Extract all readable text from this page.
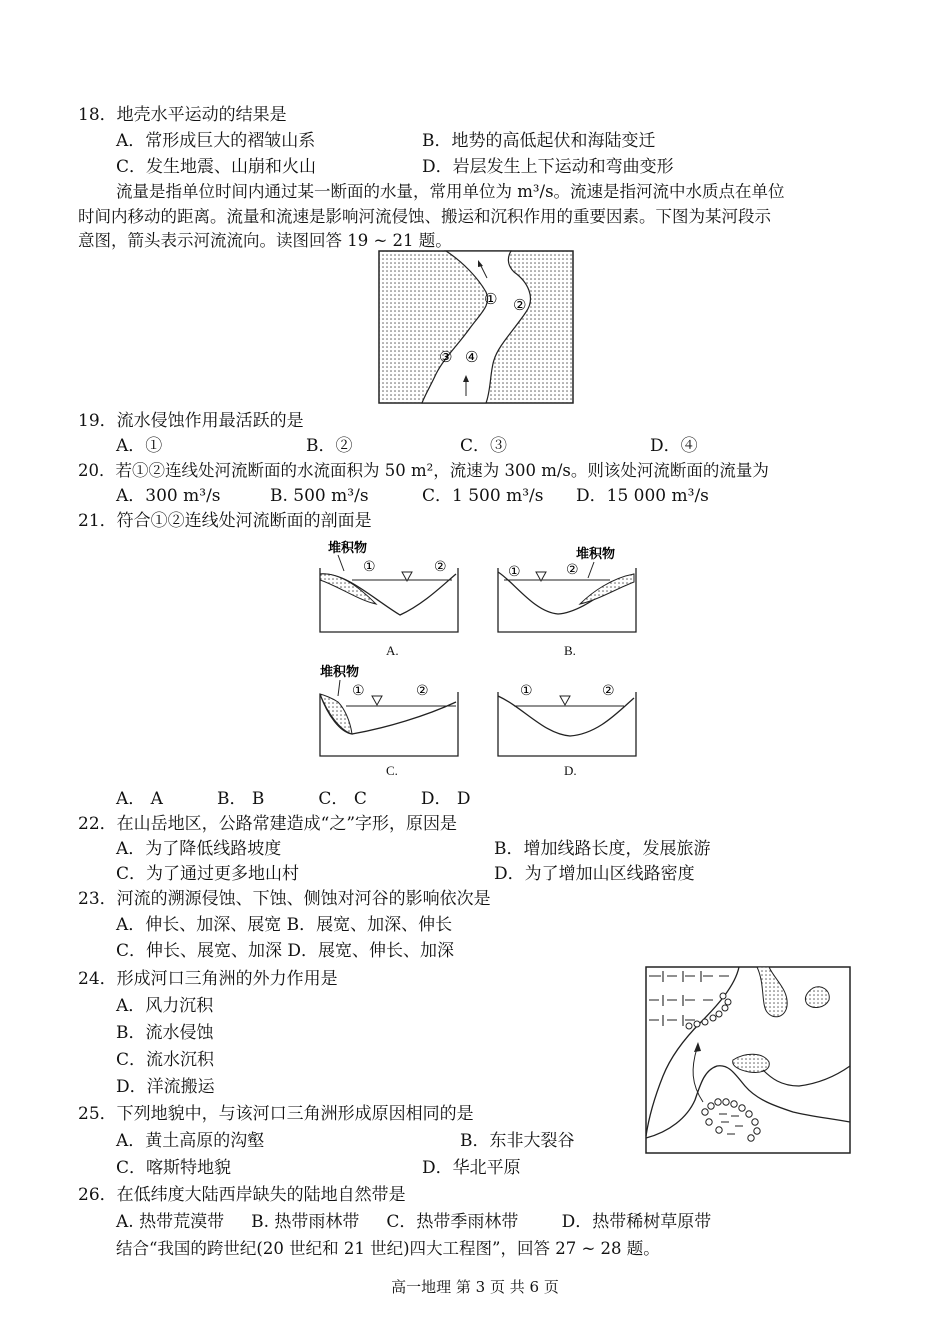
18．地壳水平运动的结果是
A．常形成巨大的褶皱山系	B．地势的高低起伏和海陆变迁
C．发生地震、山崩和火山	D．岩层发生上下运动和弯曲变形
流量是指单位时间内通过某一断面的水量，常用单位为 m³/s。流速是指河流中水质点在单位
时间内移动的距离。流量和流速是影响河流侵蚀、搬运和沉积作用的重要因素。下图为某河段示
意图，箭头表示河流流向。读图回答 19 ~ 21 题。
① ②
③ ④
19．流水侵蚀作用最活跃的是
A．①	B．②	C．③	D．④
20．若①②连线处河流断面的水流面积为 50 m²，流速为 300 m/s。则该处河流断面的流量为
A．300 m³/s	B. 500 m³/s	C．1 500 m³/s D．15 000 m³/s
21．符合①②连线处河流断面的剖面是
堆积物
①	②
A.
堆积物
①	②
B.
堆积物
①	②
C.
①	②
D.
A． A          B． B          C． C          D． D
22．在山岳地区，公路常建造成“之”字形，原因是
A．为了降低线路坡度	B．增加线路长度，发展旅游
C．为了通过更多地山村	D．为了增加山区线路密度
23．河流的溯源侵蚀、下蚀、侧蚀对河谷的影响依次是
A．伸长、加深、展宽 B．展宽、加深、伸长
C．伸长、展宽、加深 D．展宽、伸长、加深
24．形成河口三角洲的外力作用是
A．风力沉积
B．流水侵蚀
C．流水沉积
D．洋流搬运
25．下列地貌中，与该河口三角洲形成原因相同的是
A．黄土高原的沟壑	B．东非大裂谷
C．喀斯特地貌	D．华北平原
26．在低纬度大陆西岸缺失的陆地自然带是
A. 热带荒漠带     B. 热带雨林带     C．热带季雨林带        D．热带稀树草原带
结合“我国的跨世纪(20 世纪和 21 世纪)四大工程图”，回答 27 ~ 28 题。
高一地理 第 3 页 共 6 页
